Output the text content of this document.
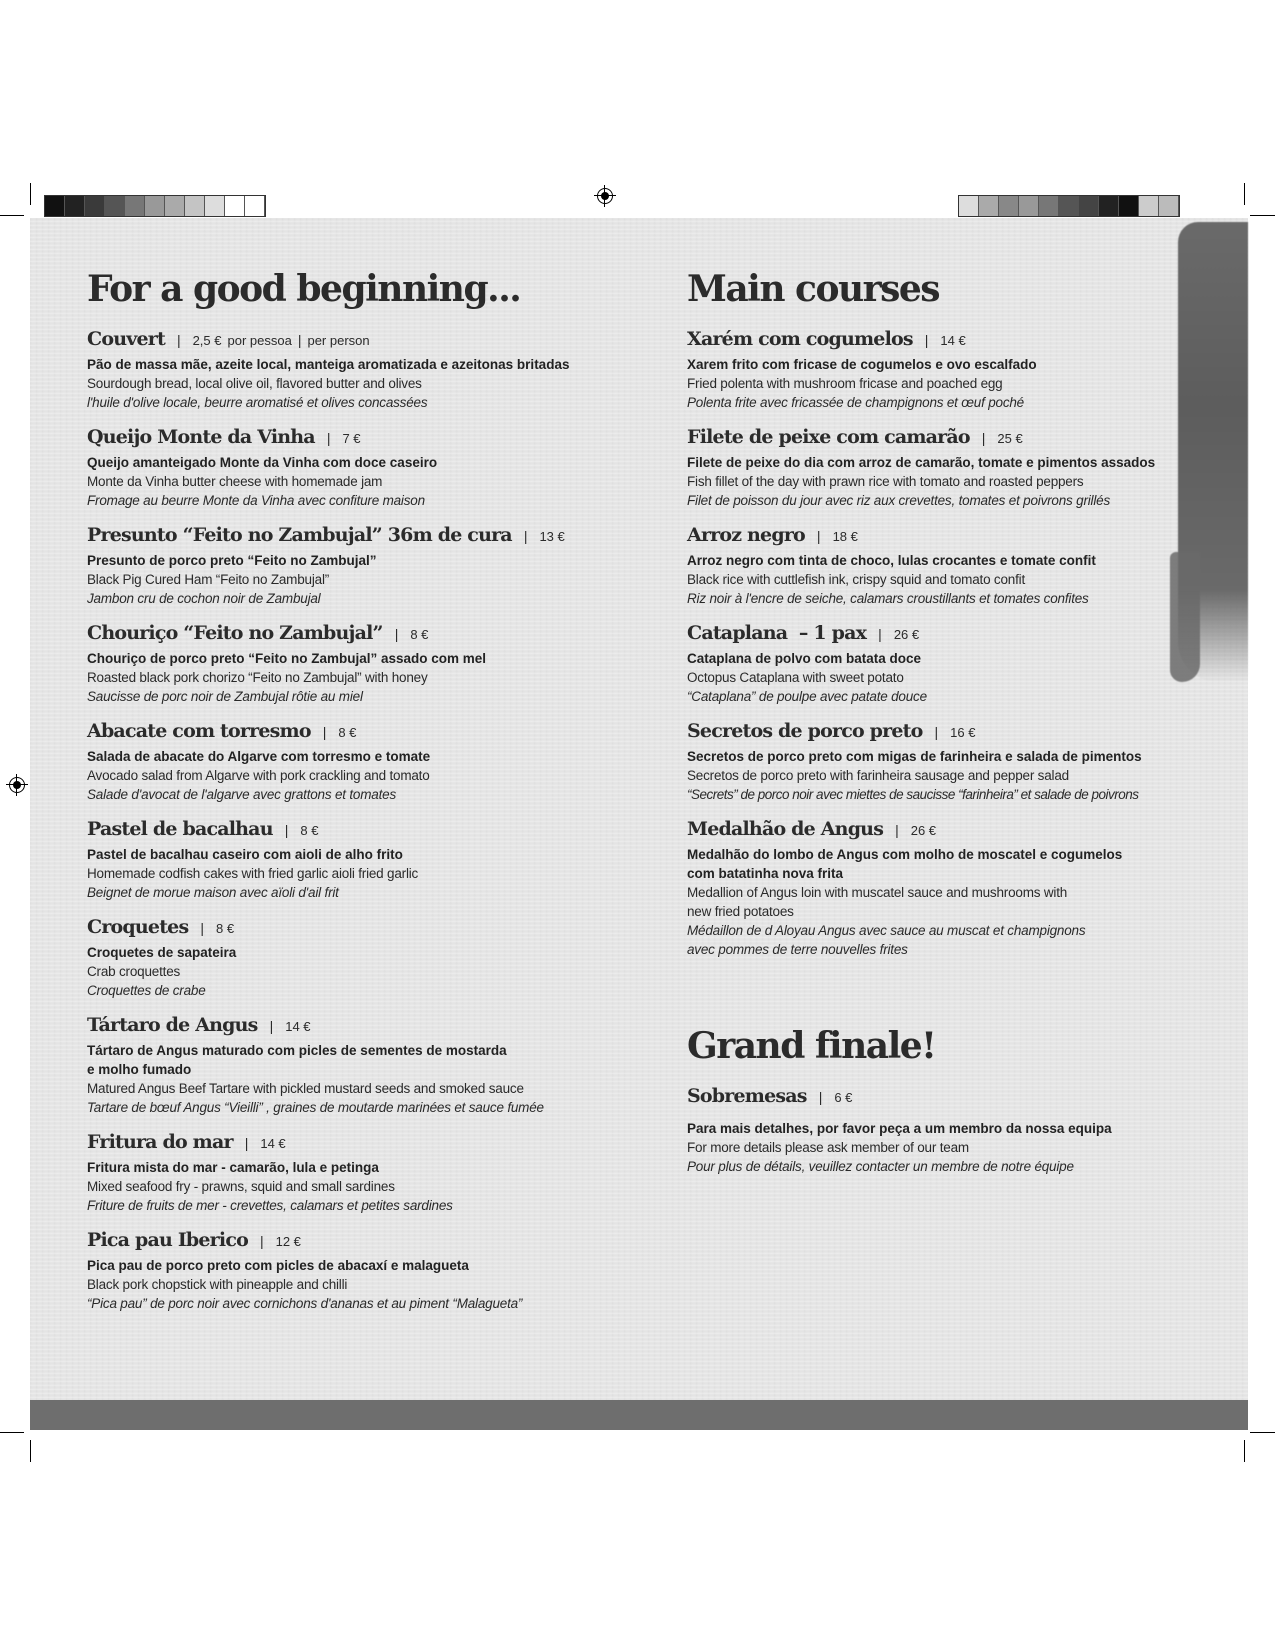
For a good beginning...
Couvert | 2,5 € por pessoa | per person
Pão de massa mãe, azeite local, manteiga aromatizada e azeitonas britadas
Sourdough bread, local olive oil, flavored butter and olives
l'huile d'olive locale, beurre aromatisé et olives concassées
Queijo Monte da Vinha | 7 €
Queijo amanteigado Monte da Vinha com doce caseiro
Monte da Vinha butter cheese with homemade jam
Fromage au beurre Monte da Vinha avec confiture maison
Presunto “Feito no Zambujal” 36m de cura | 13 €
Presunto de porco preto “Feito no Zambujal”
Black Pig Cured Ham “Feito no Zambujal”
Jambon cru de cochon noir de Zambujal
Chouriço “Feito no Zambujal” | 8 €
Chouriço de porco preto “Feito no Zambujal” assado com mel
Roasted black pork chorizo “Feito no Zambujal” with honey
Saucisse de porc noir de Zambujal rôtie au miel
Abacate com torresmo | 8 €
Salada de abacate do Algarve com torresmo e tomate
Avocado salad from Algarve with pork crackling and tomato
Salade d'avocat de l'algarve avec grattons et tomates
Pastel de bacalhau | 8 €
Pastel de bacalhau caseiro com aioli de alho frito
Homemade codfish cakes with fried garlic aioli fried garlic
Beignet de morue maison avec aïoli d'ail frit
Croquetes | 8 €
Croquetes de sapateira
Crab croquettes
Croquettes de crabe
Tártaro de Angus | 14 €
Tártaro de Angus maturado com picles de sementes de mostarda
e molho fumado
Matured Angus Beef Tartare with pickled mustard seeds and smoked sauce
Tartare de bœuf Angus “Vieilli” , graines de moutarde marinées et sauce fumée
Fritura do mar | 14 €
Fritura mista do mar - camarão, lula e petinga
Mixed seafood fry - prawns, squid and small sardines
Friture de fruits de mer - crevettes, calamars et petites sardines
Pica pau Iberico | 12 €
Pica pau de porco preto com picles de abacaxí e malagueta
Black pork chopstick with pineapple and chilli
“Pica pau” de porc noir avec cornichons d'ananas et au piment “Malagueta”
Main courses
Xarém com cogumelos | 14 €
Xarem frito com fricase de cogumelos e ovo escalfado
Fried polenta with mushroom fricase and poached egg
Polenta frite avec fricassée de champignons et œuf poché
Filete de peixe com camarão | 25 €
Filete de peixe do dia com arroz de camarão, tomate e pimentos assados
Fish fillet of the day with prawn rice with tomato and roasted peppers
Filet de poisson du jour avec riz aux crevettes, tomates et poivrons grillés
Arroz negro | 18 €
Arroz negro com tinta de choco, lulas crocantes e tomate confit
Black rice with cuttlefish ink, crispy squid and tomato confit
Riz noir à l'encre de seiche, calamars croustillants et tomates confites
Cataplana  – 1 pax | 26 €
Cataplana de polvo com batata doce
Octopus Cataplana with sweet potato
“Cataplana” de poulpe avec patate douce
Secretos de porco preto | 16 €
Secretos de porco preto com migas de farinheira e salada de pimentos
Secretos de porco preto with farinheira sausage and pepper salad
“Secrets” de porco noir avec miettes de saucisse “farinheira” et salade de poivrons
Medalhão de Angus | 26 €
Medalhão do lombo de Angus com molho de moscatel e cogumelos
com batatinha nova frita
Medallion of Angus loin with muscatel sauce and mushrooms with
new fried potatoes
Médaillon de d Aloyau Angus avec sauce au muscat et champignons
avec pommes de terre nouvelles frites
Grand finale!
Sobremesas | 6 €
Para mais detalhes, por favor peça a um membro da nossa equipa
For more details please ask member of our team
Pour plus de détails, veuillez contacter un membre de notre équipe
